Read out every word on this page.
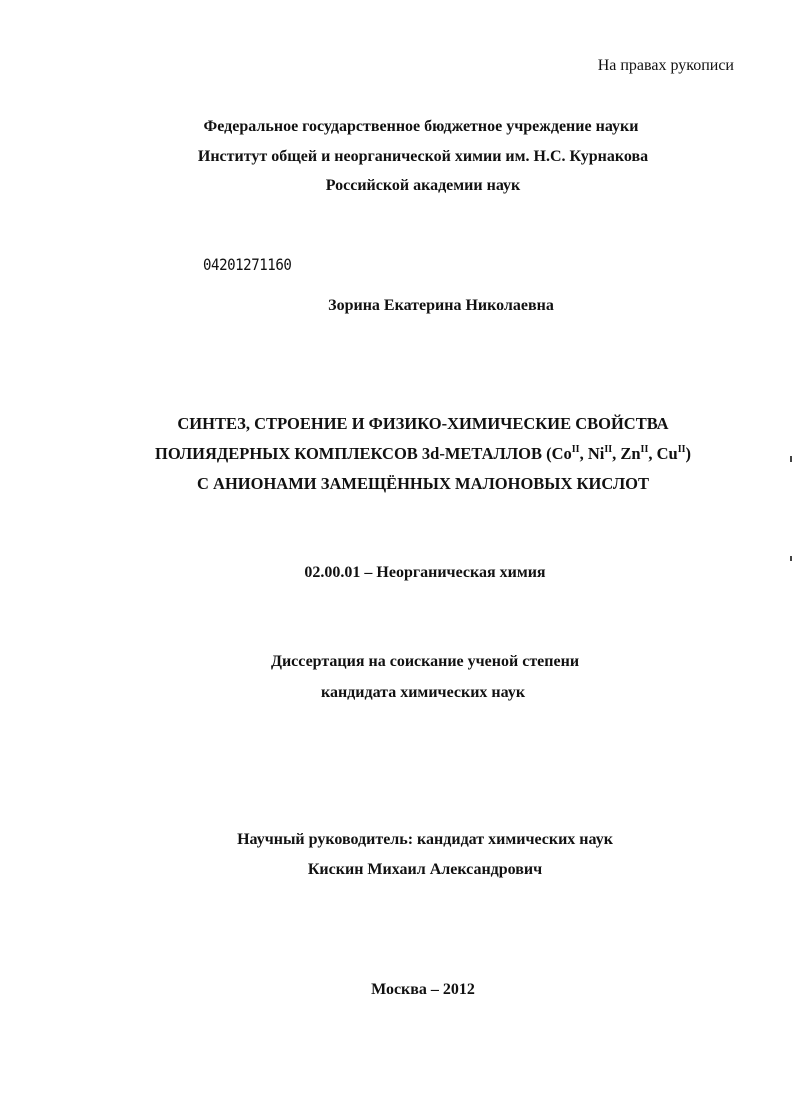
На правах рукописи
Федеральное государственное бюджетное учреждение науки
Институт общей и неорганической химии им. Н.С. Курнакова
Российской академии наук
04201271160
Зорина Екатерина Николаевна
СИНТЕЗ, СТРОЕНИЕ И ФИЗИКО-ХИМИЧЕСКИЕ СВОЙСТВА
ПОЛИЯДЕРНЫХ КОМПЛЕКСОВ 3d-МЕТАЛЛОВ ($Co^{II}$, $Ni^{II}$, $Zn^{II}$, $Cu^{II}$)
С АНИОНАМИ ЗАМЕЩЁННЫХ МАЛОНОВЫХ КИСЛОТ
02.00.01 – Неорганическая химия
Диссертация на соискание ученой степени
кандидата химических наук
Научный руководитель: кандидат химических наук
Кискин Михаил Александрович
Москва – 2012
